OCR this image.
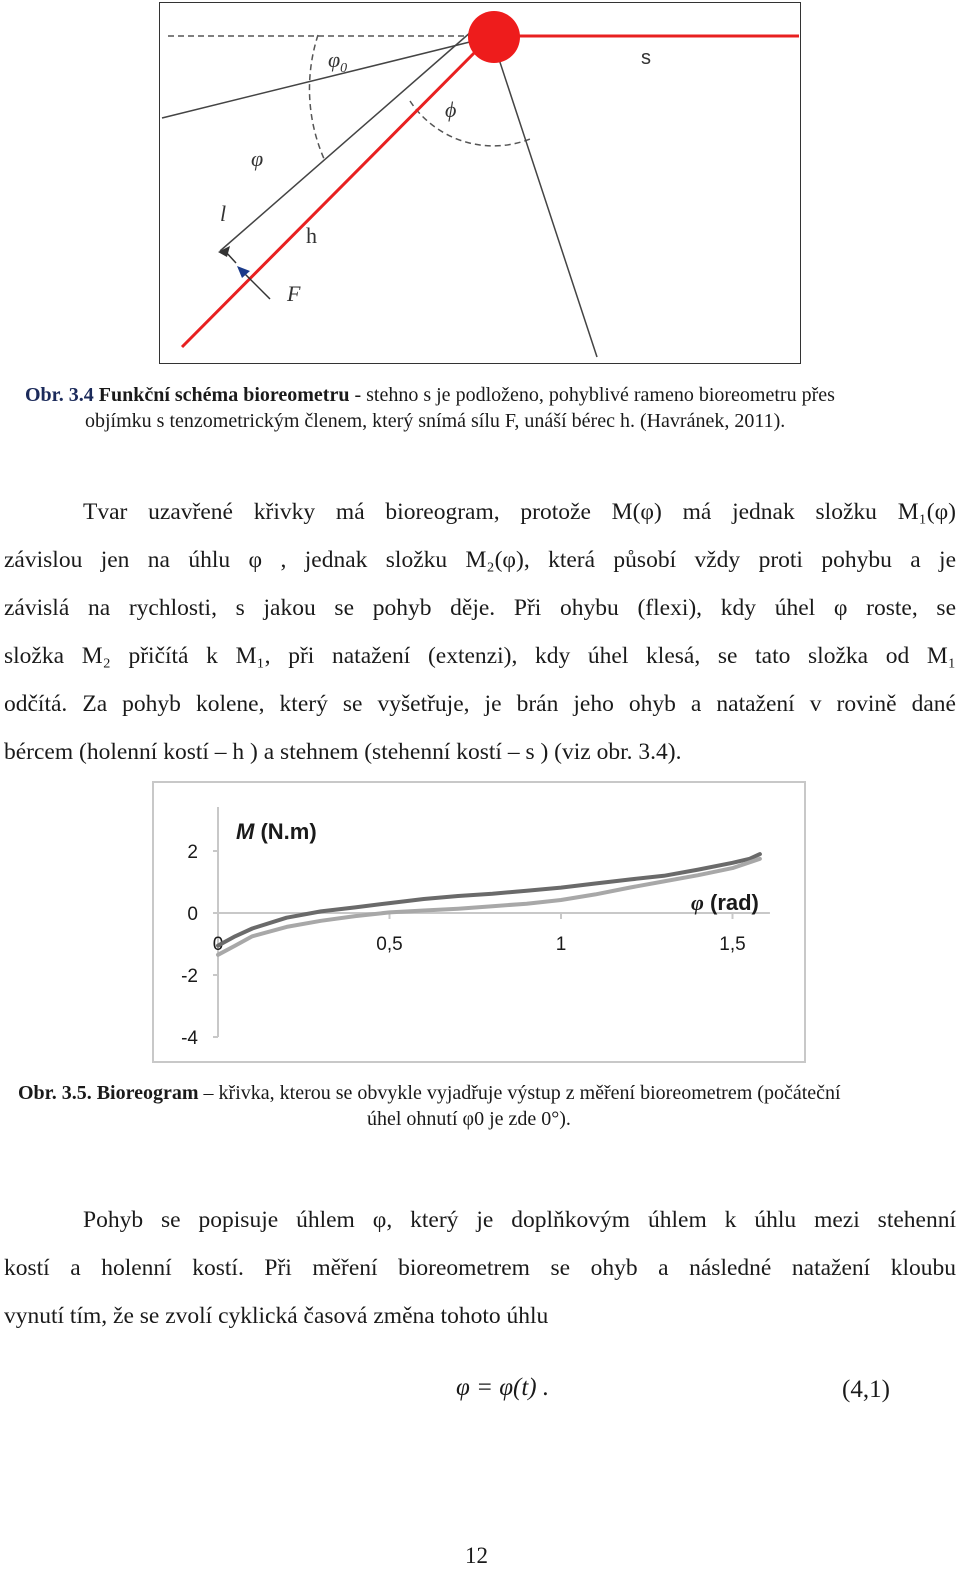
$\varphi_0$
ϕ
φ
l
h
F
s
Obr. 3.4 Funkční schéma bioreometru - stehno s je podloženo, pohyblivé rameno bioreometru přes
objímku s tenzometrickým členem, který snímá sílu F, unáší bérec h. (Havránek, 2011).
Tvar uzavřené křivky má bioreogram, protože M(φ) má jednak složku M₁(φ)
závislou jen na úhlu φ , jednak složku M₂(φ), která působí vždy proti pohybu a je
závislá na rychlosti, s jakou se pohyb děje. Při ohybu (flexi), kdy úhel φ roste, se
složka M₂ přičítá k M₁, při natažení (extenzi), kdy úhel klesá, se tato složka od M₁
odčítá. Za pohyb kolene, který se vyšetřuje, je brán jeho ohyb a natažení v rovině dané
bércem (holenní kostí – h ) a stehnem (stehenní kostí – s ) (viz obr. 3.4).
2
0
-2
-4
0	0,5	1	1,5
M (N.m)
φ (rad)
Obr. 3.5. Bioreogram – křivka, kterou se obvykle vyjadřuje výstup z měření bioreometrem (počáteční
úhel ohnutí φ0 je zde 0°).
Pohyb se popisuje úhlem φ, který je doplňkovým úhlem k úhlu mezi stehenní
kostí a holenní kostí. Při měření bioreometrem se ohyb a následné natažení kloubu
vynutí tím, že se zvolí cyklická časová změna tohoto úhlu
φ = φ(t) .	(4,1)
12
